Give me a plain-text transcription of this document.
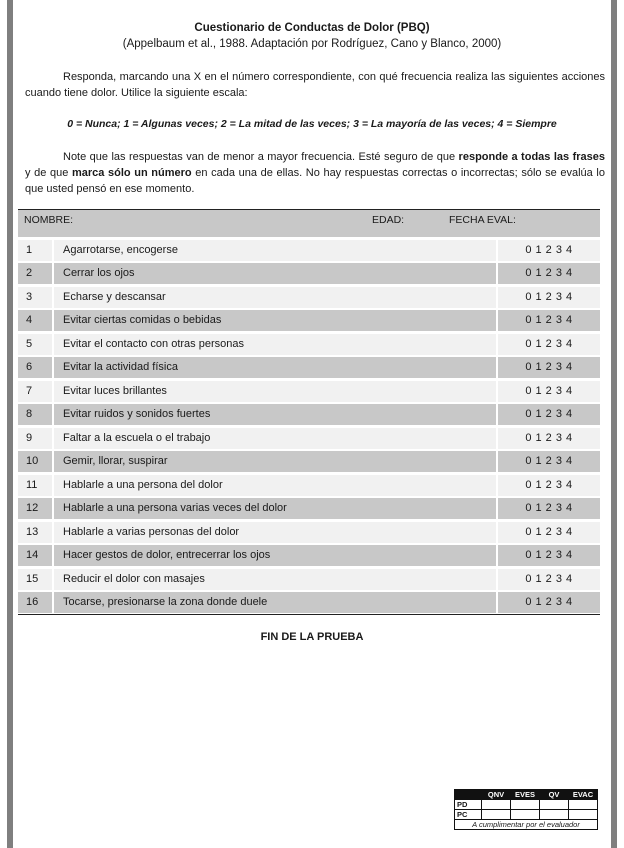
Cuestionario de Conductas de Dolor (PBQ)
(Appelbaum et al., 1988. Adaptación por Rodríguez, Cano y Blanco, 2000)
Responda, marcando una X en el número correspondiente, con qué frecuencia realiza las siguientes acciones cuando tiene dolor. Utilice la siguiente escala:
0 = Nunca; 1 = Algunas veces; 2 = La mitad de las veces; 3 = La mayoría de las veces; 4 = Siempre
Note que las respuestas van de menor a mayor frecuencia. Esté seguro de que responde a todas las frases y de que marca sólo un número en cada una de ellas. No hay respuestas correctas o incorrectas; sólo se evalúa lo que usted pensó en ese momento.
NOMBRE:	EDAD:	FECHA EVAL:
1	Agarrotarse, encogerse	0 1 2 3 4
2	Cerrar los ojos	0 1 2 3 4
3	Echarse y descansar	0 1 2 3 4
4	Evitar ciertas comidas o bebidas	0 1 2 3 4
5	Evitar el contacto con otras personas	0 1 2 3 4
6	Evitar la actividad física	0 1 2 3 4
7	Evitar luces brillantes	0 1 2 3 4
8	Evitar ruidos y sonidos fuertes	0 1 2 3 4
9	Faltar a la escuela o el trabajo	0 1 2 3 4
10	Gemir, llorar, suspirar	0 1 2 3 4
11	Hablarle a una persona del dolor	0 1 2 3 4
12	Hablarle a una persona varias veces del dolor	0 1 2 3 4
13	Hablarle a varias personas del dolor	0 1 2 3 4
14	Hacer gestos de dolor, entrecerrar los ojos	0 1 2 3 4
15	Reducir el dolor con masajes	0 1 2 3 4
16	Tocarse, presionarse la zona donde duele	0 1 2 3 4
FIN DE LA PRUEBA
	QNV	EVES	QV	EVAC
PD				
PC				
A cumplimentar por el evaluador				
